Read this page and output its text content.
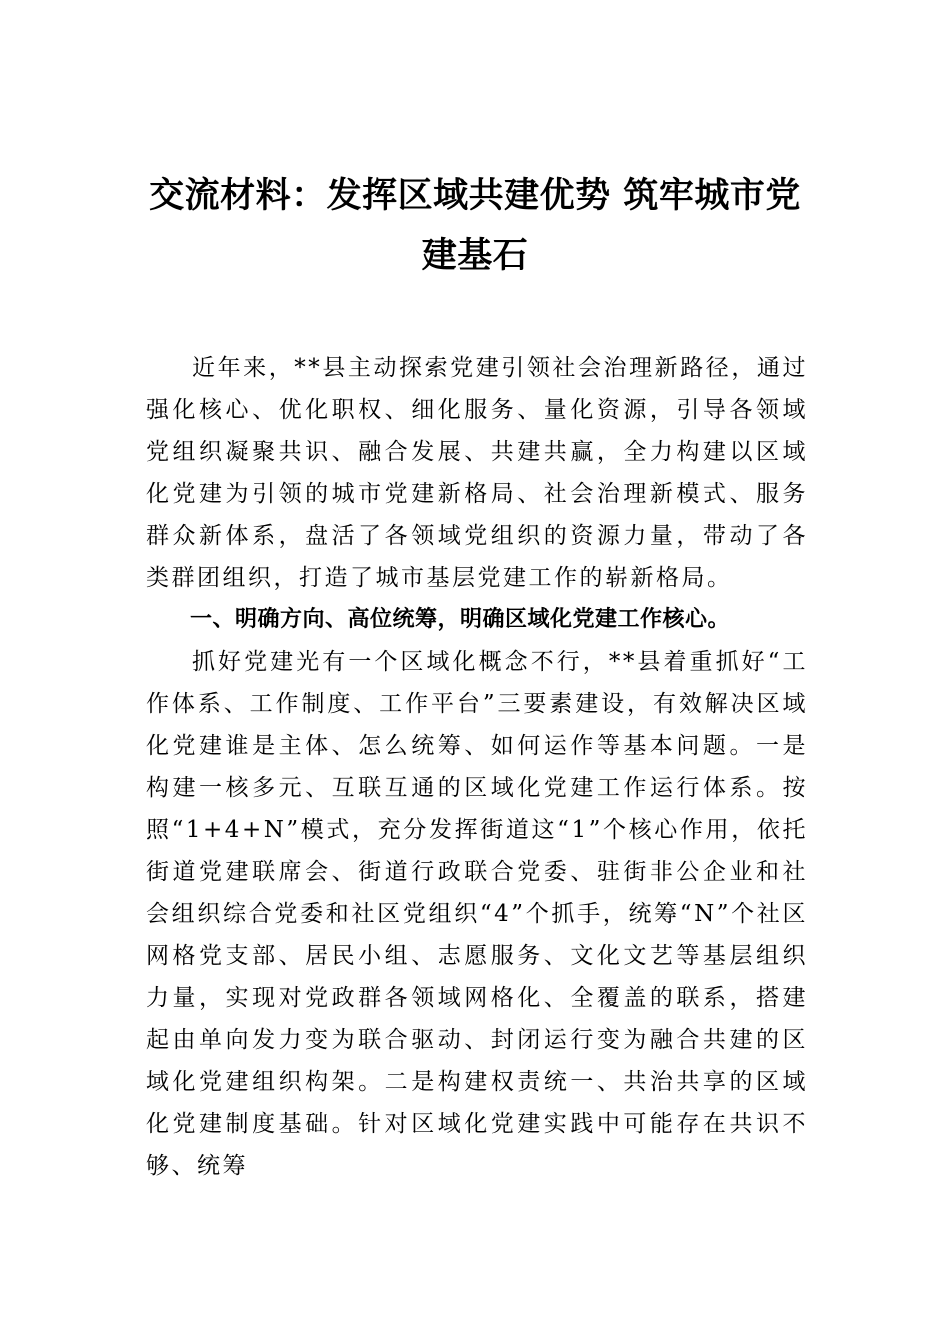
交流材料：发挥区域共建优势 筑牢城市党
建基石

近年来，**县主动探索党建引领社会治理新路径，通过强化核心、优化职权、细化服务、量化资源，引导各领域党组织凝聚共识、融合发展、共建共赢，全力构建以区域化党建为引领的城市党建新格局、社会治理新模式、服务群众新体系，盘活了各领域党组织的资源力量，带动了各类群团组织，打造了城市基层党建工作的崭新格局。

一、明确方向、高位统筹，明确区域化党建工作核心。

抓好党建光有一个区域化概念不行，**县着重抓好“工作体系、工作制度、工作平台”三要素建设，有效解决区域化党建谁是主体、怎么统筹、如何运作等基本问题。一是构建一核多元、互联互通的区域化党建工作运行体系。按照“1+4+N”模式，充分发挥街道这“1”个核心作用，依托街道党建联席会、街道行政联合党委、驻街非公企业和社会组织综合党委和社区党组织“4”个抓手，统筹“N”个社区网格党支部、居民小组、志愿服务、文化文艺等基层组织力量，实现对党政群各领域网格化、全覆盖的联系，搭建起由单向发力变为联合驱动、封闭运行变为融合共建的区域化党建组织构架。二是构建权责统一、共治共享的区域化党建制度基础。针对区域化党建实践中可能存在共识不够、统筹
